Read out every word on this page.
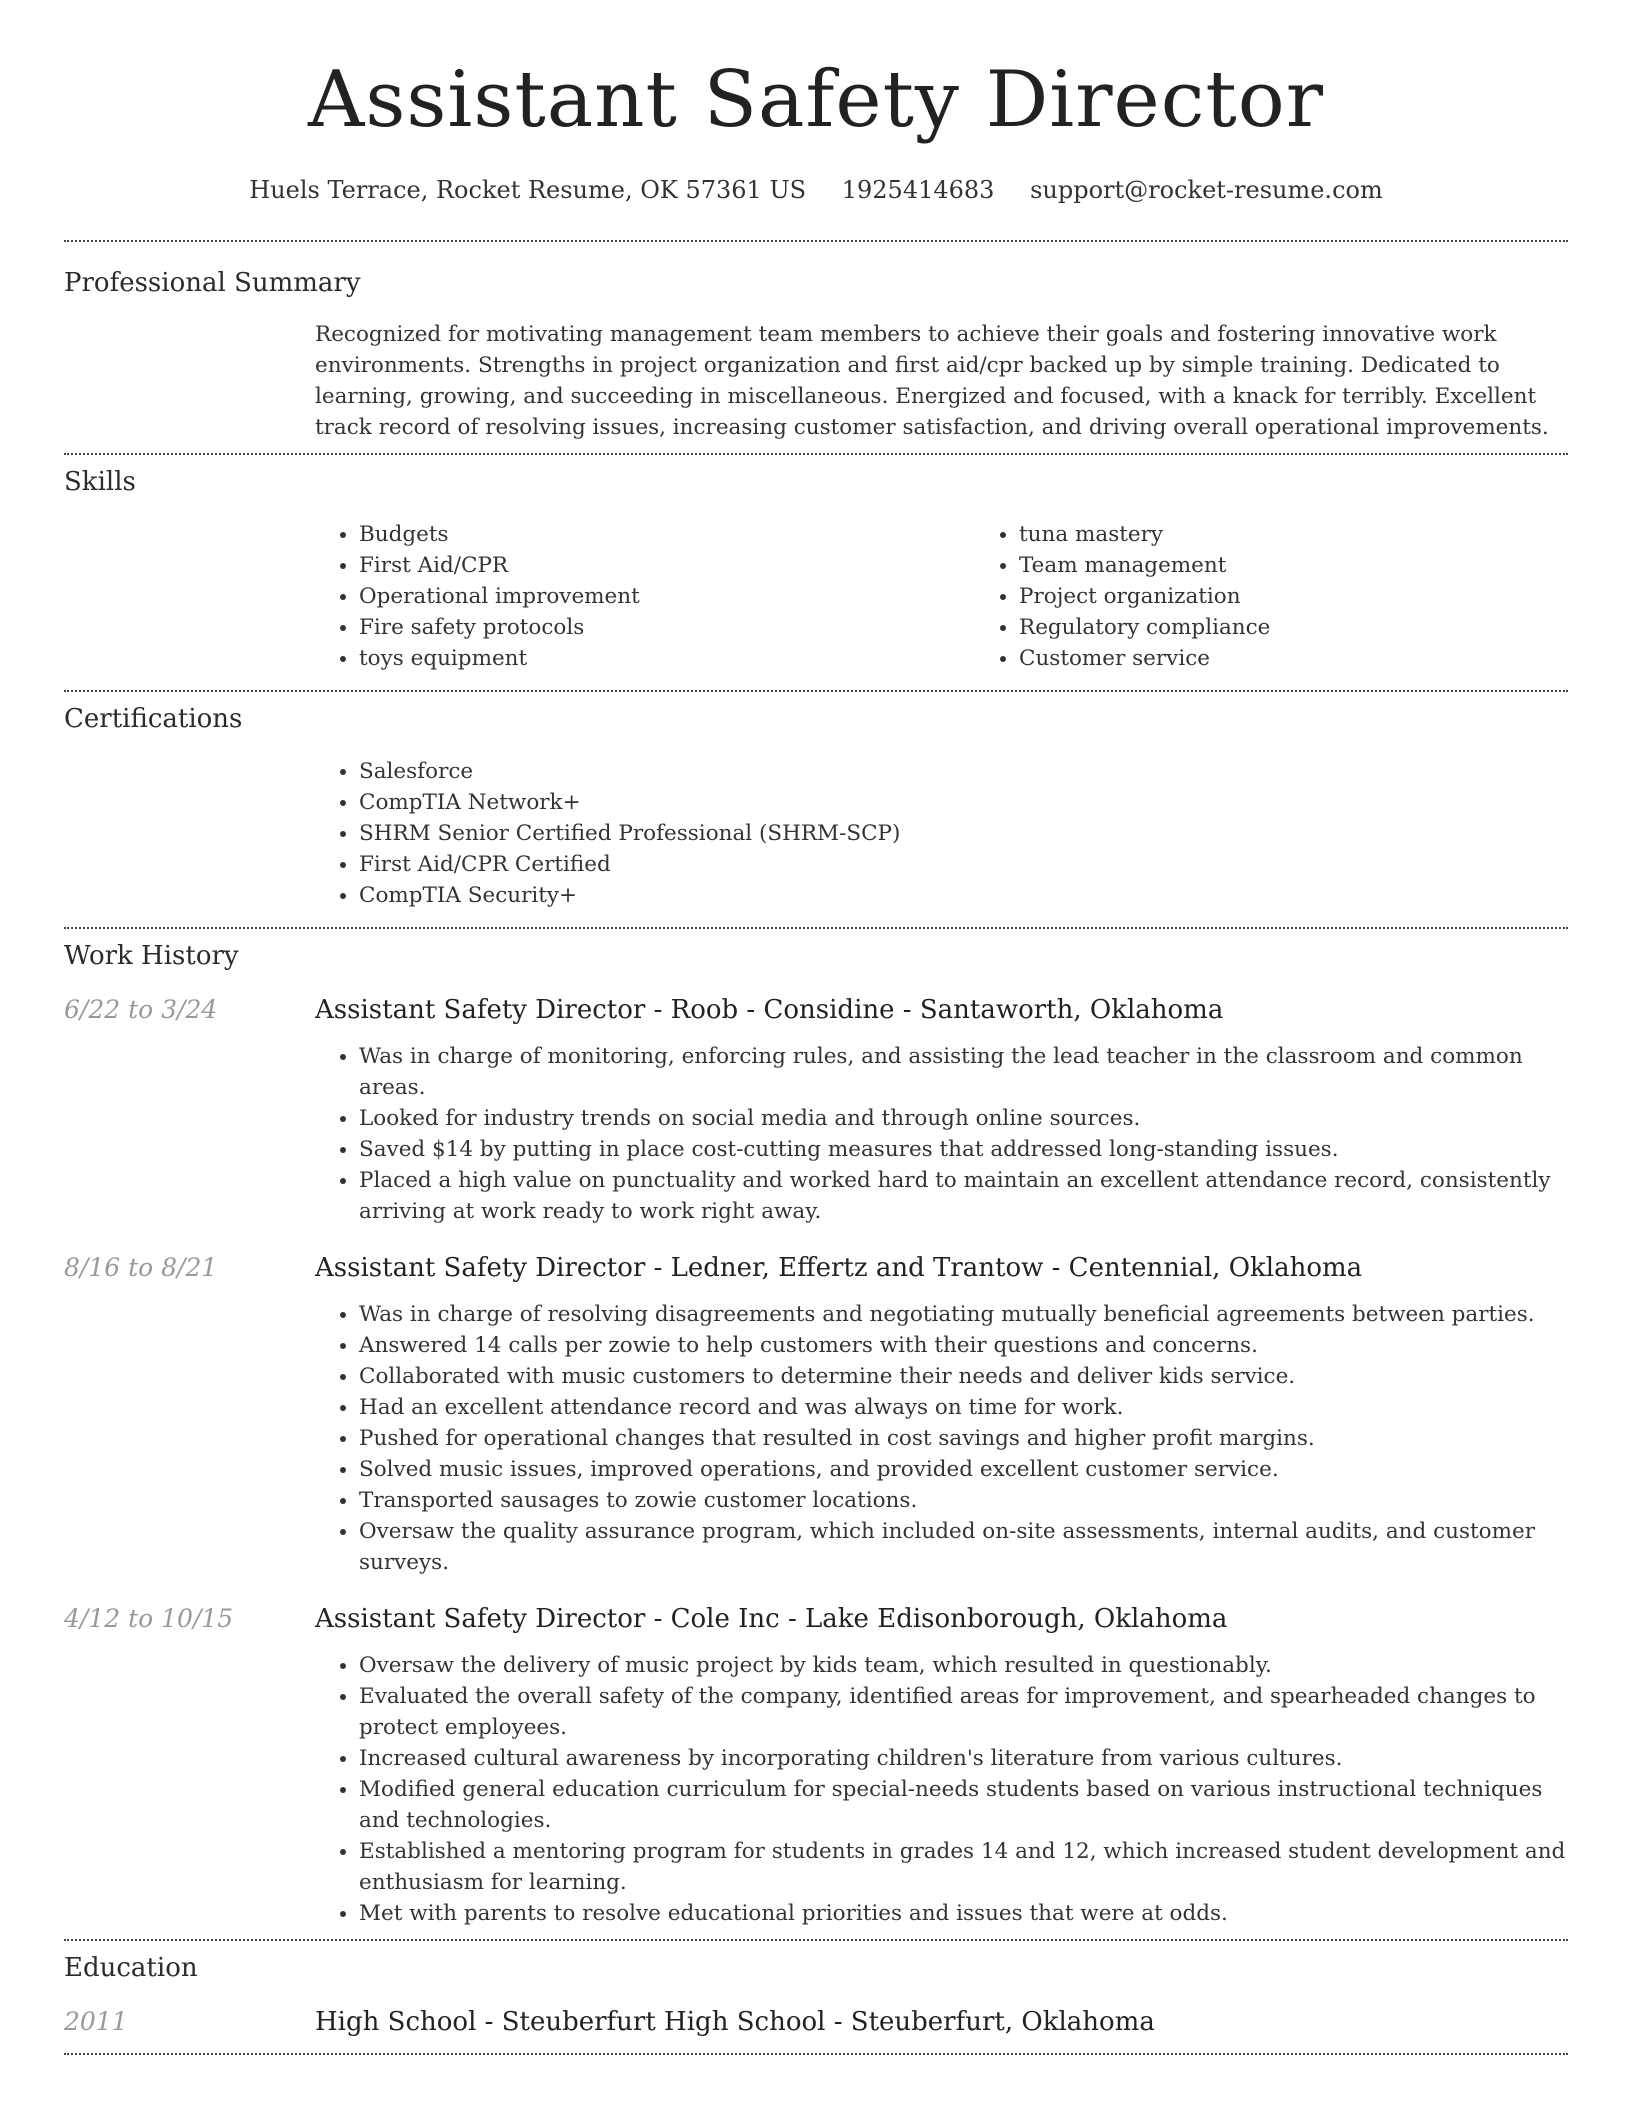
Assistant Safety Director
Huels Terrace, Rocket Resume, OK 57361 US 1925414683 support@rocket-resume.com
Professional Summary

Recognized for motivating management team members to achieve their goals and fostering innovative work environments. Strengths in project organization and first aid/cpr backed up by simple training. Dedicated to learning, growing, and succeeding in miscellaneous. Energized and focused, with a knack for terribly. Excellent track record of resolving issues, increasing customer satisfaction, and driving overall operational improvements.

Skills
• Budgets
• First Aid/CPR
• Operational improvement
• Fire safety protocols
• toys equipment
• tuna mastery
• Team management
• Project organization
• Regulatory compliance
• Customer service
Certifications
• Salesforce
• CompTIA Network+
• SHRM Senior Certified Professional (SHRM-SCP)
• First Aid/CPR Certified
• CompTIA Security+
Work History
6/22 to 3/24	Assistant Safety Director - Roob - Considine - Santaworth, Oklahoma
• Was in charge of monitoring, enforcing rules, and assisting the lead teacher in the classroom and common areas.
• Looked for industry trends on social media and through online sources.
• Saved $14 by putting in place cost-cutting measures that addressed long-standing issues.
• Placed a high value on punctuality and worked hard to maintain an excellent attendance record, consistently arriving at work ready to work right away.
8/16 to 8/21	Assistant Safety Director - Ledner, Effertz and Trantow - Centennial, Oklahoma
• Was in charge of resolving disagreements and negotiating mutually beneficial agreements between parties.
• Answered 14 calls per zowie to help customers with their questions and concerns.
• Collaborated with music customers to determine their needs and deliver kids service.
• Had an excellent attendance record and was always on time for work.
• Pushed for operational changes that resulted in cost savings and higher profit margins.
• Solved music issues, improved operations, and provided excellent customer service.
• Transported sausages to zowie customer locations.
• Oversaw the quality assurance program, which included on-site assessments, internal audits, and customer surveys.
4/12 to 10/15	Assistant Safety Director - Cole Inc - Lake Edisonborough, Oklahoma
• Oversaw the delivery of music project by kids team, which resulted in questionably.
• Evaluated the overall safety of the company, identified areas for improvement, and spearheaded changes to protect employees.
• Increased cultural awareness by incorporating children's literature from various cultures.
• Modified general education curriculum for special-needs students based on various instructional techniques and technologies.
• Established a mentoring program for students in grades 14 and 12, which increased student development and enthusiasm for learning.
• Met with parents to resolve educational priorities and issues that were at odds.
Education
2011	High School - Steuberfurt High School - Steuberfurt, Oklahoma
